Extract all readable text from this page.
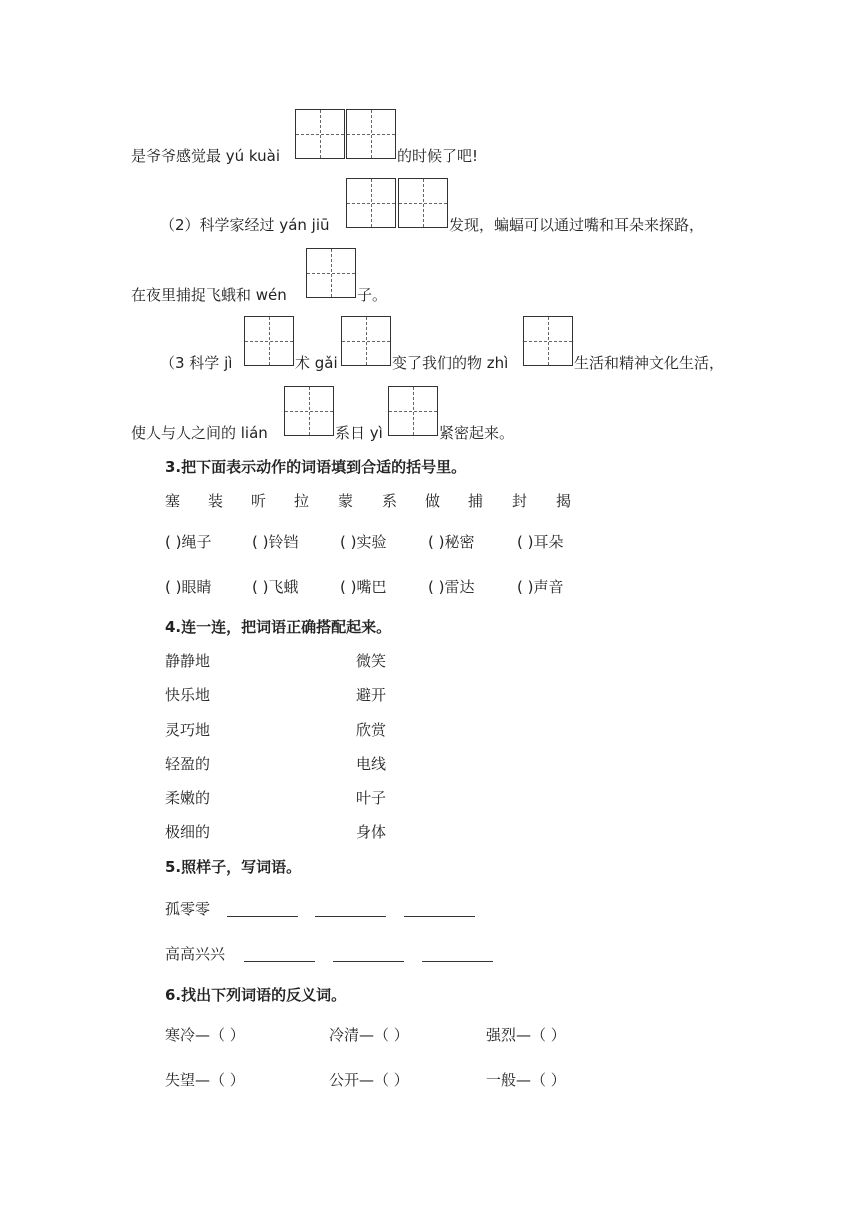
是爷爷感觉最 yú kuài	的时候了吧!
（2）科学家经过 yán jiū	发现，蝙蝠可以通过嘴和耳朵来探路，
在夜里捕捉飞蛾和 wén	子。
（3 科学 jì	术 gǎi	变了我们的物 zhì	生活和精神文化生活，
使人与人之间的 lián	系日 yì	紧密起来。
3.把下面表示动作的词语填到合适的括号里。
塞 装 听 拉 蒙 系 做 捕 封 揭
( )绳子	( )铃铛	( )实验	( )秘密	( )耳朵
( )眼睛	( )飞蛾	( )嘴巴	( )雷达	( )声音
4.连一连，把词语正确搭配起来。
静静地	微笑
快乐地	避开
灵巧地	欣赏
轻盈的	电线
柔嫩的	叶子
极细的	身体
5.照样子，写词语。
孤零零
高高兴兴
6.找出下列词语的反义词。
寒冷—（ ）	冷清—（ ）	强烈—（ ）
失望—（ ）	公开—（ ）	一般—（ ）
